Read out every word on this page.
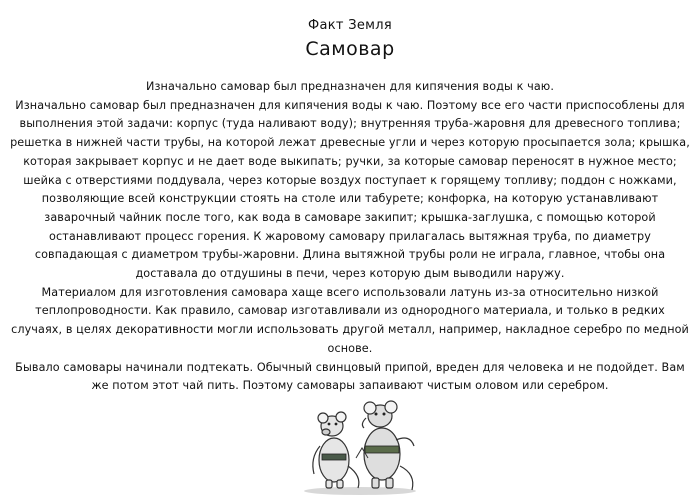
Факт Земля
Самовар

Изначально самовар был предназначен для кипячения воды к чаю.

Изначально самовар был предназначен для кипячения воды к чаю. Поэтому все его части приспособлены для выполнения этой задачи: корпус (туда наливают воду); внутренняя труба-жаровня для древесного топлива; решетка в нижней части трубы, на которой лежат древесные угли и через которую просыпается зола; крышка, которая закрывает корпус и не дает воде выкипать; ручки, за которые самовар переносят в нужное место; шейка с отверстиями поддувала, через которые воздух поступает к горящему топливу; поддон с ножками, позволяющие всей конструкции стоять на столе или табурете; конфорка, на которую устанавливают заварочный чайник после того, как вода в самоваре закипит; крышка-заглушка, с помощью которой останавливают процесс горения. К жаровому самовару прилагалась вытяжная труба, по диаметру совпадающая с диаметром трубы-жаровни. Длина вытяжной трубы роли не играла, главное, чтобы она доставала до отдушины в печи, через которую дым выводили наружу.

Материалом для изготовления самовара хаще всего использовали латунь из-за относительно низкой теплопроводности. Как правило, самовар изготавливали из однородного материала, и только в редких случаях, в целях декоративности могли использовать другой металл, например, накладное серебро по медной основе.

Бывало самовары начинали подтекать. Обычный свинцовый припой, вреден для человека и не подойдет. Вам же потом этот чай пить. Поэтому самовары запаивают чистым оловом или серебром.
